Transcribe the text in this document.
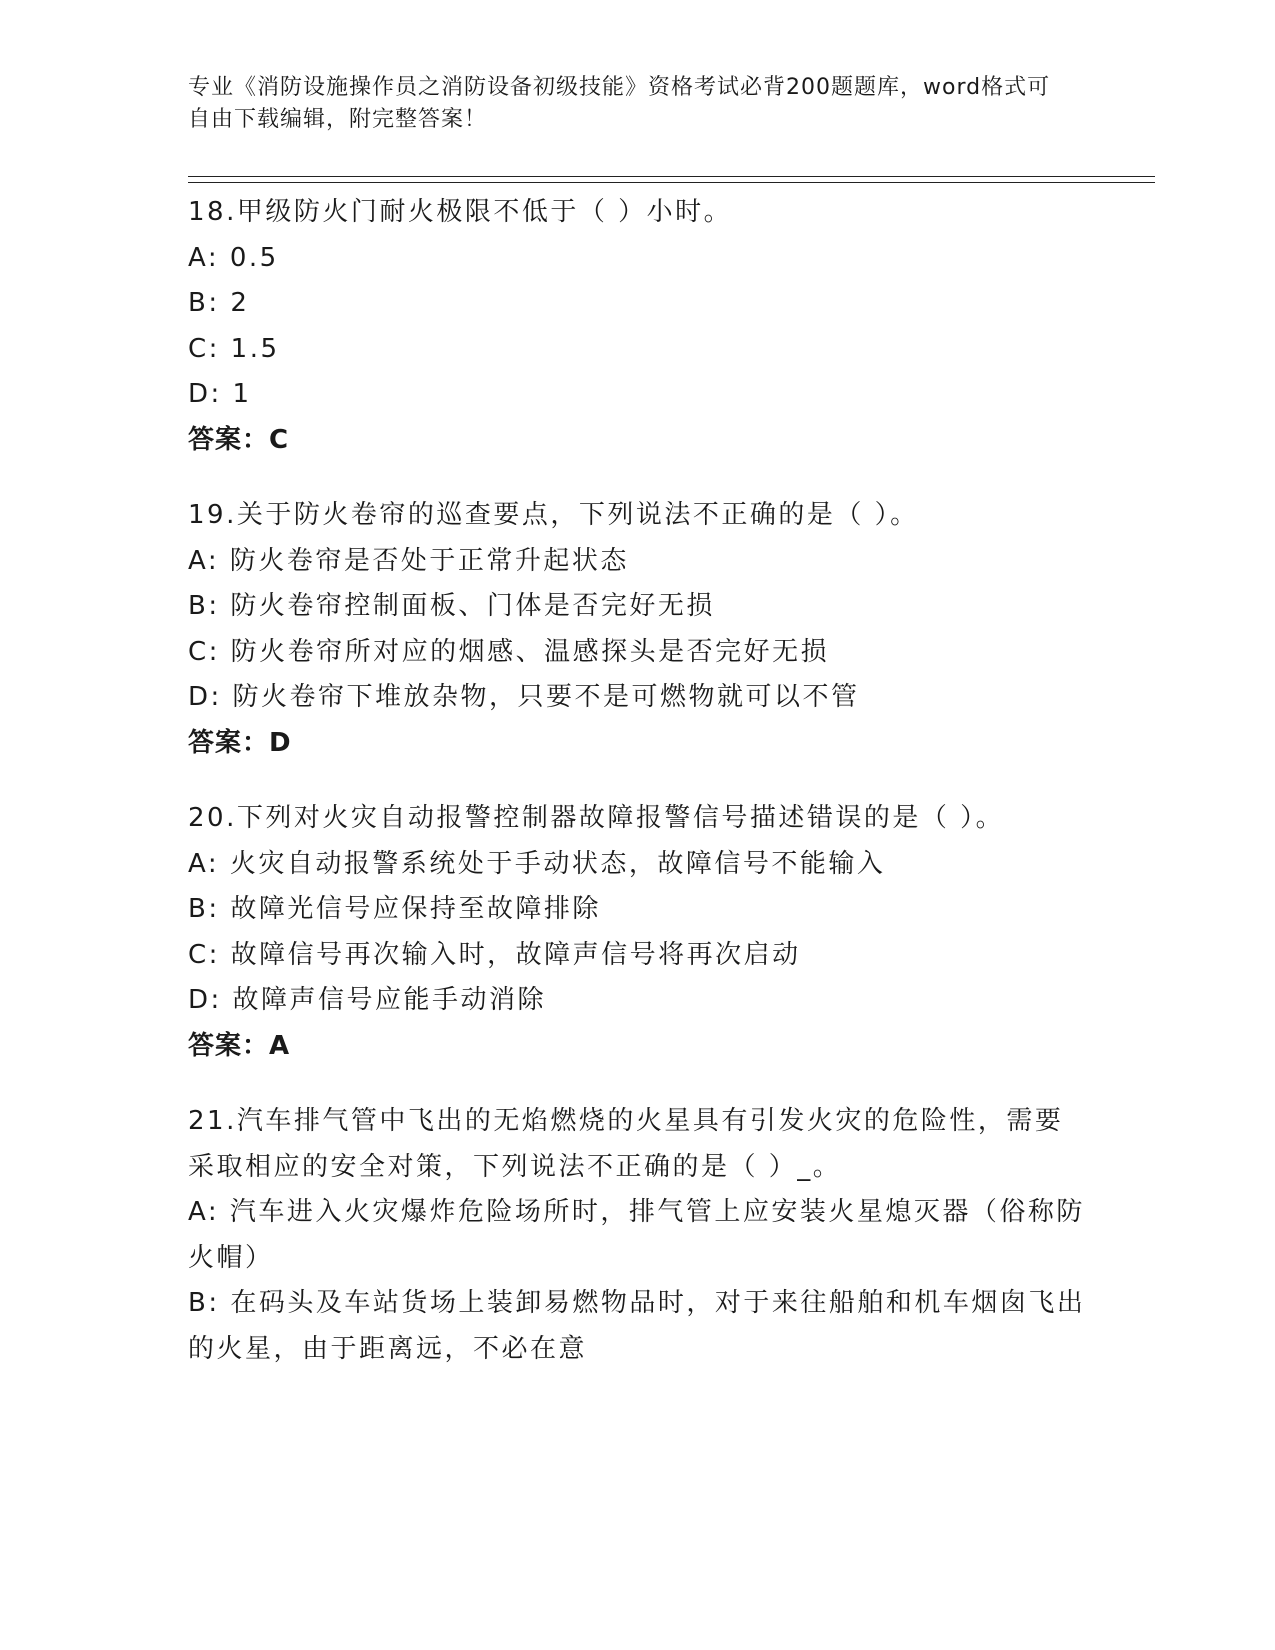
专业《消防设施操作员之消防设备初级技能》资格考试必背200题题库，word格式可自由下载编辑，附完整答案！
18.甲级防火门耐火极限不低于（ ）小时。
A: 0.5
B: 2
C: 1.5
D: 1
答案：C
19.关于防火卷帘的巡查要点，下列说法不正确的是（ ）。
A: 防火卷帘是否处于正常升起状态
B: 防火卷帘控制面板、门体是否完好无损
C: 防火卷帘所对应的烟感、温感探头是否完好无损
D: 防火卷帘下堆放杂物，只要不是可燃物就可以不管
答案：D
20.下列对火灾自动报警控制器故障报警信号描述错误的是（ ）。
A: 火灾自动报警系统处于手动状态，故障信号不能输入
B: 故障光信号应保持至故障排除
C: 故障信号再次输入时，故障声信号将再次启动
D: 故障声信号应能手动消除
答案：A
21.汽车排气管中飞出的无焰燃烧的火星具有引发火灾的危险性，需要采取相应的安全对策，下列说法不正确的是（ ）_。
A: 汽车进入火灾爆炸危险场所时，排气管上应安装火星熄灭器（俗称防火帽）
B: 在码头及车站货场上装卸易燃物品时，对于来往船舶和机车烟囱飞出的火星，由于距离远，不必在意
